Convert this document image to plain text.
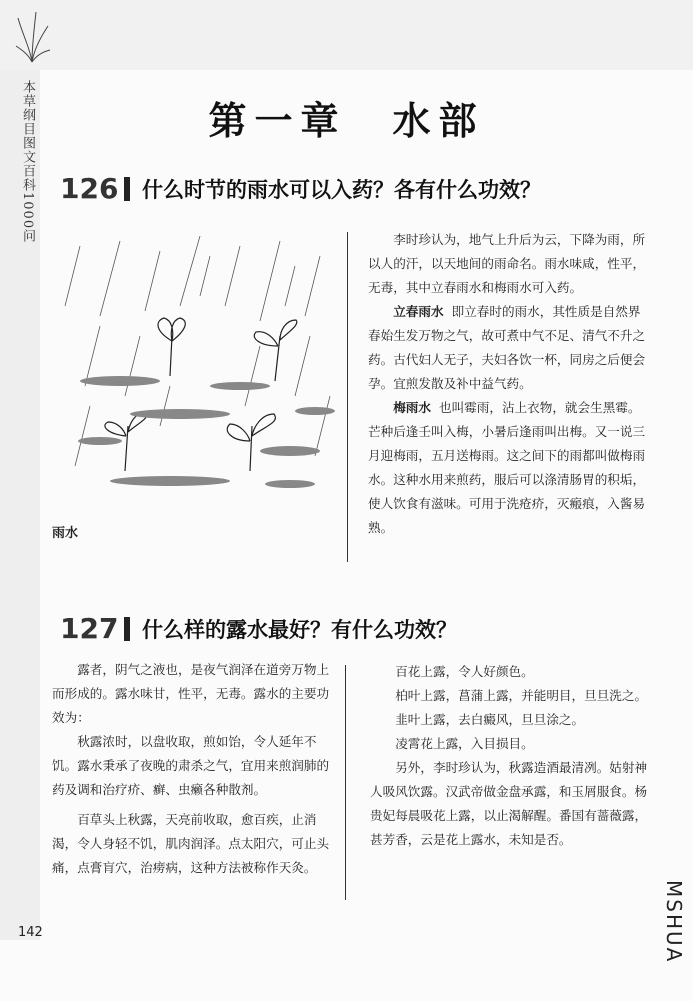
本草纲目图文百科1000问	第一章　水部
126 什么时节的雨水可以入药？各有什么功效？
雨水

李时珍认为，地气上升后为云，下降为雨，所以人的汗，以天地间的雨命名。雨水味咸，性平，无毒，其中立春雨水和梅雨水可入药。

立春雨水 即立春时的雨水，其性质是自然界春始生发万物之气，故可煮中气不足、清气不升之药。古代妇人无子，夫妇各饮一杯，同房之后便会孕。宜煎发散及补中益气药。

梅雨水 也叫霉雨，沾上衣物，就会生黑霉。芒种后逢壬叫入梅，小暑后逢雨叫出梅。又一说三月迎梅雨，五月送梅雨。这之间下的雨都叫做梅雨水。这种水用来煎药，服后可以涤清肠胃的积垢，使人饮食有滋味。可用于洗疮疥，灭瘢痕，入酱易熟。

127 什么样的露水最好？有什么功效？

露者，阴气之液也，是夜气润泽在道旁万物上而形成的。露水味甘，性平，无毒。露水的主要功效为：

秋露浓时，以盘收取，煎如饴，令人延年不饥。露水秉承了夜晚的肃杀之气，宜用来煎润肺的药及调和治疗疥、癣、虫癞各种散剂。

百草头上秋露，天亮前收取，愈百疾，止消渴，令人身轻不饥，肌肉润泽。点太阳穴，可止头痛，点膏肓穴，治痨病，这种方法被称作天灸。

百花上露，令人好颜色。

柏叶上露，菖蒲上露，并能明目，旦旦洗之。

韭叶上露，去白癜风，旦旦涂之。

凌霄花上露，入目损目。

另外，李时珍认为，秋露造酒最清冽。姑射神人吸风饮露。汉武帝做金盘承露，和玉屑服食。杨贵妃每晨吸花上露，以止渴解醒。番国有蔷薇露，甚芳香，云是花上露水，未知是否。

142	MSHUA
